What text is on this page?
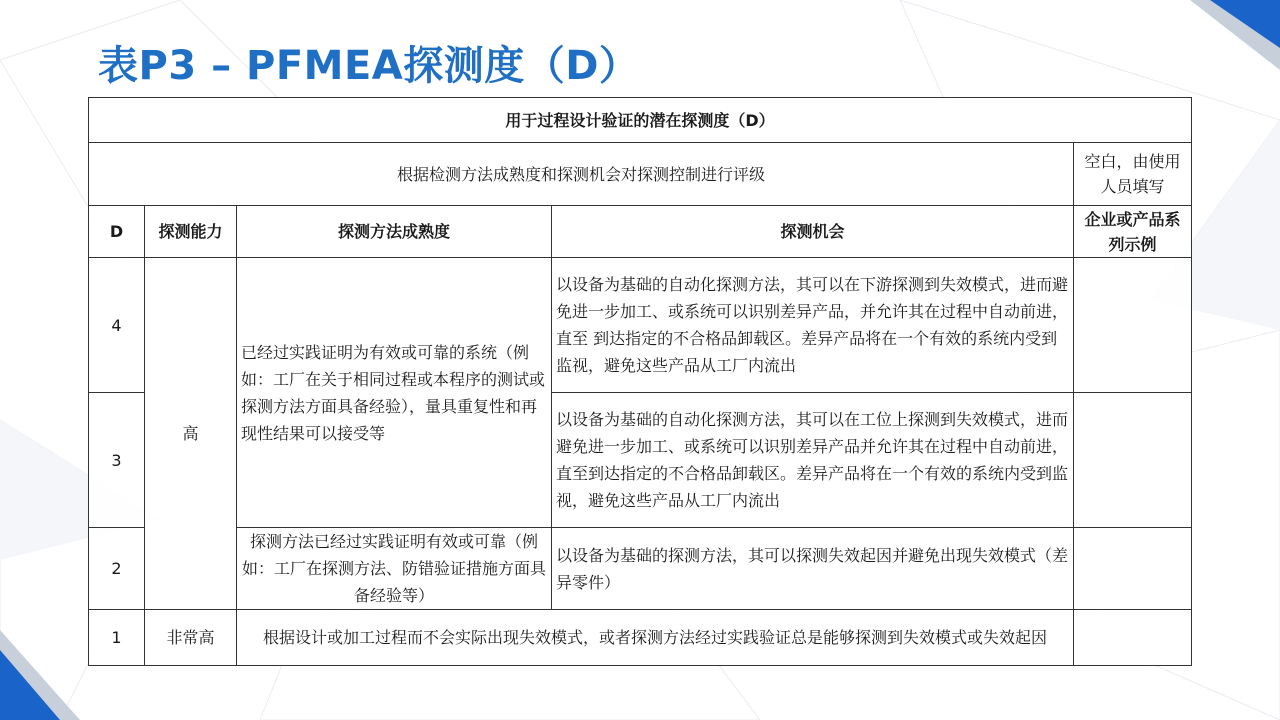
表P3 – PFMEA探测度（D）
用于过程设计验证的潜在探测度（D）				
根据检测方法成熟度和探测机会对探测控制进行评级				空白，由使用人员填写
D	探测能力	探测方法成熟度	探测机会	企业或产品系列示例
4	高	已经过实践证明为有效或可靠的系统（例如：工厂在关于相同过程或本程序的测试或探测方法方面具备经验），量具重复性和再现性结果可以接受等	以设备为基础的自动化探测方法，其可以在下游探测到失效模式，进而避免进一步加工、或系统可以识别差异产品，并允许其在过程中自动前进，直至 到达指定的不合格品卸载区。差异产品将在一个有效的系统内受到监视，避免这些产品从工厂内流出	
3			以设备为基础的自动化探测方法，其可以在工位上探测到失效模式，进而避免进一步加工、或系统可以识别差异产品并允许其在过程中自动前进，直至到达指定的不合格品卸载区。差异产品将在一个有效的系统内受到监视，避免这些产品从工厂内流出	
2		探测方法已经过实践证明有效或可靠（例如：工厂在探测方法、防错验证措施方面具备经验等）	以设备为基础的探测方法，其可以探测失效起因并避免出现失效模式（差异零件）	
1	非常高	根据设计或加工过程而不会实际出现失效模式，或者探测方法经过实践验证总是能够探测到失效模式或失效起因		
